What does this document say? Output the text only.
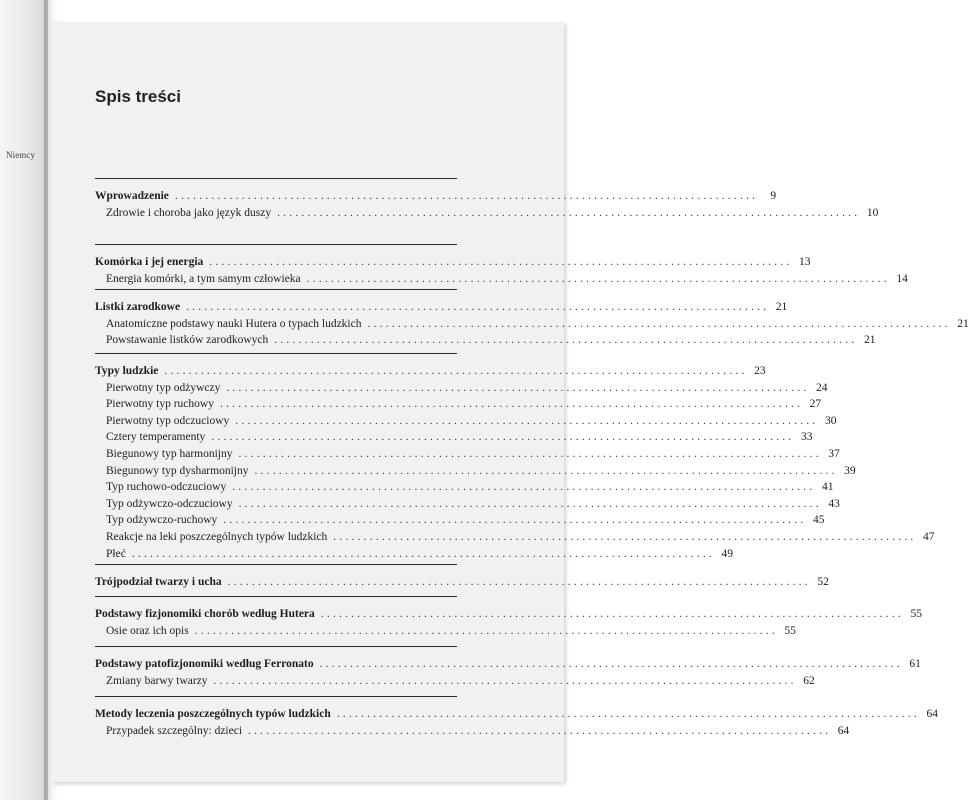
Niemcy
Spis treści
Wprowadzenie ................................................................................................	9
Zdrowie i choroba jako język duszy ................................................................................................ 10
Komórka i jej energia ................................................................................................ 13
Energia komórki, a tym samym człowieka ................................................................................................ 14
Listki zarodkowe ................................................................................................ 21
Anatomiczne podstawy nauki Hutera o typach ludzkich ................................................................................................ 21
Powstawanie listków zarodkowych ................................................................................................ 21
Typy ludzkie ................................................................................................ 23
Pierwotny typ odżywczy ................................................................................................ 24
Pierwotny typ ruchowy ................................................................................................ 27
Pierwotny typ odczuciowy ................................................................................................ 30
Cztery temperamenty ................................................................................................ 33
Biegunowy typ harmonijny ................................................................................................ 37
Biegunowy typ dysharmonijny ................................................................................................ 39
Typ ruchowo-odczuciowy ................................................................................................ 41
Typ odżywczo-odczuciowy ................................................................................................ 43
Typ odżywczo-ruchowy ................................................................................................ 45
Reakcje na leki poszczególnych typów ludzkich ................................................................................................ 47
Płeć ................................................................................................ 49
Trójpodział twarzy i ucha ................................................................................................ 52
Podstawy fizjonomiki chorób według Hutera ................................................................................................ 55
Osie oraz ich opis ................................................................................................ 55
Podstawy patofizjonomiki według Ferronato ................................................................................................ 61
Zmiany barwy twarzy ................................................................................................ 62
Metody leczenia poszczególnych typów ludzkich ................................................................................................ 64
Przypadek szczególny: dzieci ................................................................................................ 64
